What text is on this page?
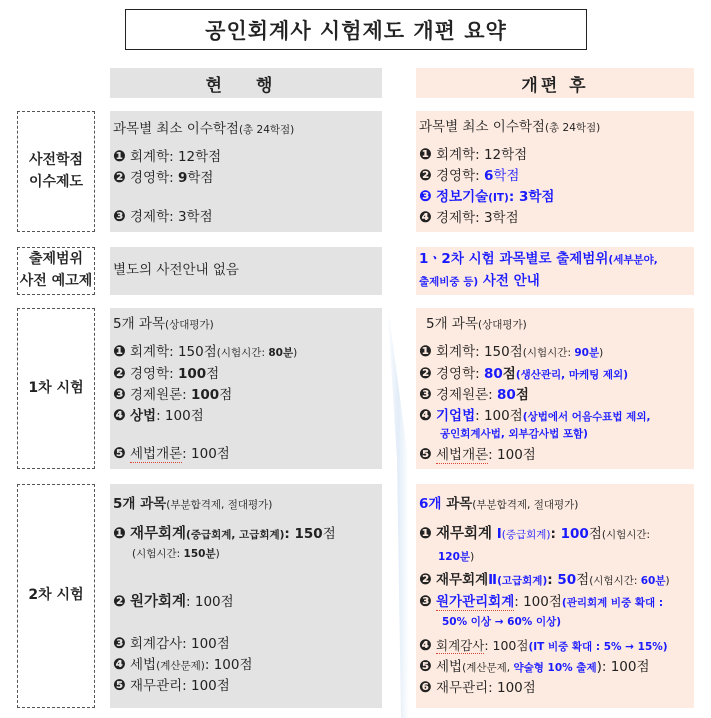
공인회계사 시험제도 개편 요약
현 행	개편 후
사전학점
이수제도
출제범위
사전 예고제
1차 시험
2차 시험
과목별 최소 이수학점(총 24학점)
❶ 회계학: 12학점
❷ 경영학: 9학점
❸ 경제학: 3학점
과목별 최소 이수학점(총 24학점)
❶ 회계학: 12학점
❷ 경영학: 6학점
❸ 정보기술(IT): 3학점
❹ 경제학: 3학점
별도의 사전안내 없음
1ㆍ2차 시험 과목별로 출제범위(세부분야,
출제비중 등) 사전 안내
5개 과목(상대평가)
❶ 회계학: 150점(시험시간: 80분)
❷ 경영학: 100점
❸ 경제원론: 100점
❹ 상법: 100점
❺ 세법개론: 100점
5개 과목(상대평가)
❶ 회계학: 150점(시험시간: 90분)
❷ 경영학: 80점(생산관리, 마케팅 제외)
❸ 경제원론: 80점
❹ 기업법: 100점(상법에서 어음수표법 제외,
공인회계사법, 외부감사법 포함)
❺ 세법개론: 100점
5개 과목(부분합격제, 절대평가)
❶ 재무회계(중급회계, 고급회계): 150점
(시험시간: 150분)
❷ 원가회계: 100점
❸ 회계감사: 100점
❹ 세법(계산문제): 100점
❺ 재무관리: 100점
6개 과목(부분합격제, 절대평가)
❶ 재무회계 Ⅰ(중급회계): 100점(시험시간:
120분)
❷ 재무회계Ⅱ(고급회계): 50점(시험시간: 60분)
❸ 원가관리회계: 100점(관리회계 비중 확대 :
50% 이상 → 60% 이상)
❹ 회계감사: 100점(IT 비중 확대 : 5% → 15%)
❺ 세법(계산문제, 약술형 10% 출제): 100점
❻ 재무관리: 100점
